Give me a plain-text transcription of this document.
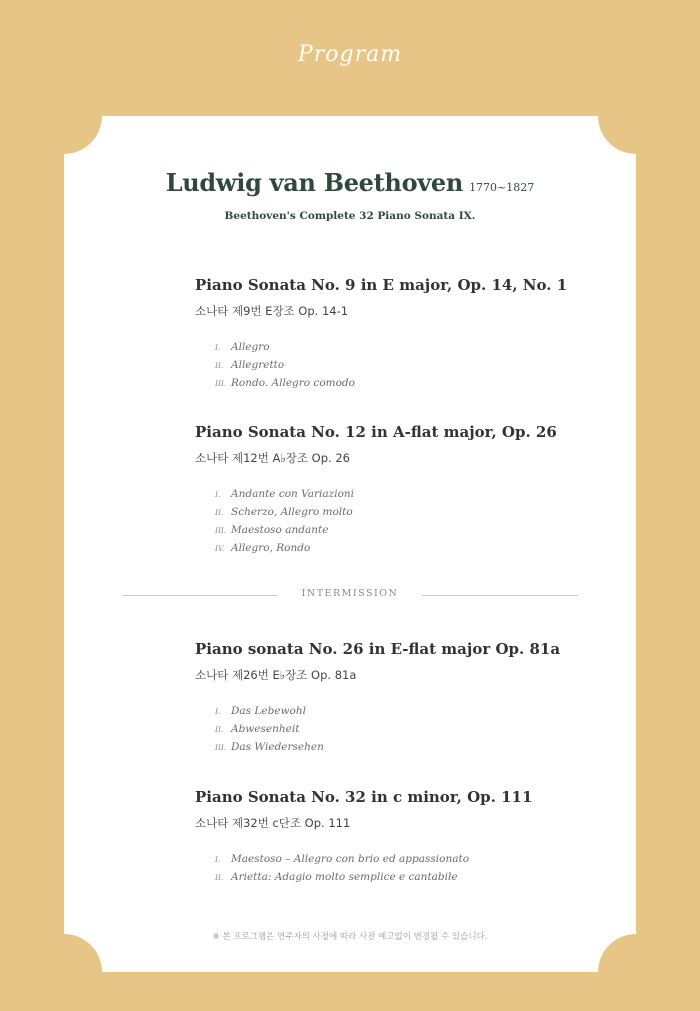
Program
Ludwig van Beethoven 1770~1827
Beethoven's Complete 32 Piano Sonata IX.
Piano Sonata No. 9 in E major, Op. 14, No. 1
소나타 제9번 E장조 Op. 14-1
I.	Allegro
II. Allegretto
III. Rondo. Allegro comodo
Piano Sonata No. 12 in A-flat major, Op. 26
소나타 제12번 A♭장조 Op. 26
I.	Andante con Variazioni
II. Scherzo, Allegro molto
III. Maestoso andante
IV. Allegro, Rondo
INTERMISSION
Piano sonata No. 26 in E-flat major Op. 81a
소나타 제26번 E♭장조 Op. 81a
I.	Das Lebewohl
II. Abwesenheit
III. Das Wiedersehen
Piano Sonata No. 32 in c minor, Op. 111
소나타 제32번 c단조 Op. 111
I.	Maestoso – Allegro con brio ed appassionato
II. Arietta: Adagio molto semplice e cantabile
※ 본 프로그램은 연주자의 사정에 따라 사전 예고없이 변경될 수 있습니다.
